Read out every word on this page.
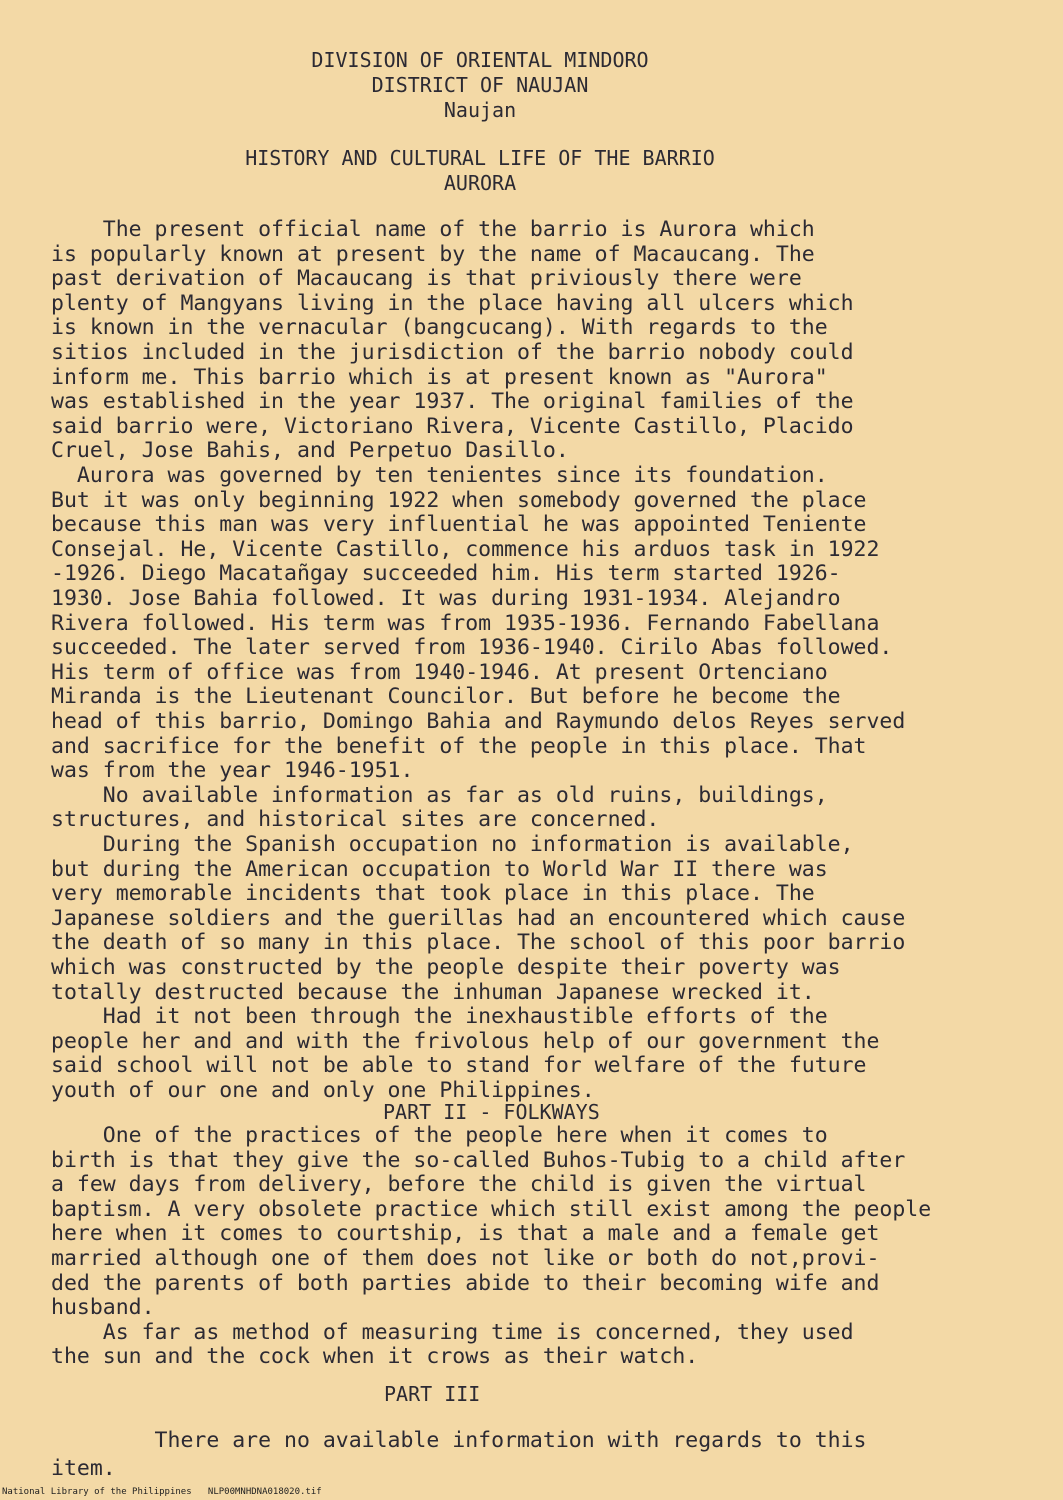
DIVISION OF ORIENTAL MINDORO
DISTRICT OF NAUJAN
Naujan
HISTORY AND CULTURAL LIFE OF THE BARRIO
AURORA
The present official name of the barrio is Aurora which
is popularly known at present by the name of Macaucang. The
past derivation of Macaucang is that priviously there were
plenty of Mangyans living in the place having all ulcers which
is known in the vernacular (bangcucang). With regards to the
sitios included in the jurisdiction of the barrio nobody could
inform me. This barrio which is at present known as "Aurora"
was established in the year 1937. The original families of the
said barrio were, Victoriano Rivera, Vicente Castillo, Placido
Cruel, Jose Bahis, and Perpetuo Dasillo.
Aurora was governed by ten tenientes since its foundation.
But it was only beginning 1922 when somebody governed the place
because this man was very influential he was appointed Teniente
Consejal. He, Vicente Castillo, commence his arduos task in 1922
-1926. Diego Macatañgay succeeded him. His term started 1926-
1930. Jose Bahia followed. It was during 1931-1934. Alejandro
Rivera followed. His term was from 1935-1936. Fernando Fabellana
succeeded. The later served from 1936-1940. Cirilo Abas followed.
His term of office was from 1940-1946. At present Ortenciano
Miranda is the Lieutenant Councilor. But before he become the
head of this barrio, Domingo Bahia and Raymundo delos Reyes served
and sacrifice for the benefit of the people in this place. That
was from the year 1946-1951.
No available information as far as old ruins, buildings,
structures, and historical sites are concerned.
During the Spanish occupation no information is available,
but during the American occupation to World War II there was
very memorable incidents that took place in this place. The
Japanese soldiers and the guerillas had an encountered which cause
the death of so many in this place. The school of this poor barrio
which was constructed by the people despite their poverty was
totally destructed because the inhuman Japanese wrecked it.
Had it not been through the inexhaustible efforts of the
people her and and with the frivolous help of our government the
said school will not be able to stand for welfare of the future
youth of our one and only one Philippines.
PART II - FOLKWAYS
One of the practices of the people here when it comes to
birth is that they give the so-called Buhos-Tubig to a child after
a few days from delivery, before the child is given the virtual
baptism. A very obsolete practice which still exist among the people
here when it comes to courtship, is that a male and a female get
married although one of them does not like or both do not,provi-
ded the parents of both parties abide to their becoming wife and
husband.
As far as method of measuring time is concerned, they used
the sun and the cock when it crows as their watch.
PART III
There are no available information with regards to this
item.
National Library of the Philippines   NLP00MNHDNA018020.tif
